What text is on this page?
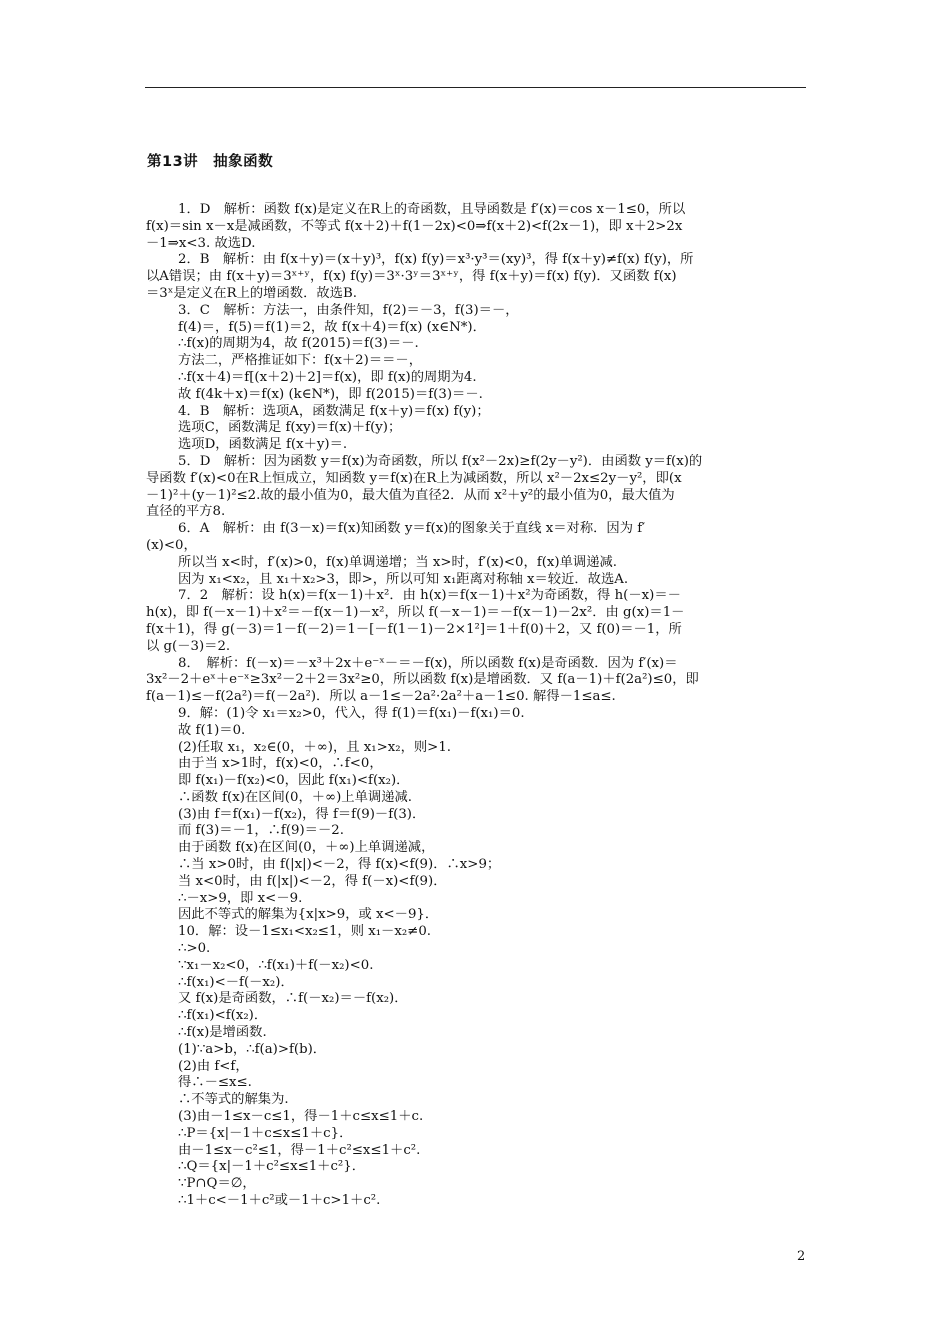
第13讲　抽象函数
1．D　解析：函数 f(x)是定义在R上的奇函数，且导函数是 f′(x)＝cos x－1≤0，所以
f(x)＝sin x－x是减函数，不等式 f(x＋2)＋f(1－2x)<0⇒f(x＋2)<f(2x－1)，即 x＋2>2x
－1⇒x<3. 故选D.
2．B　解析：由 f(x＋y)＝(x＋y)³，f(x) f(y)＝x³·y³＝(xy)³，得 f(x＋y)≠f(x) f(y)，所
以A错误；由 f(x＋y)＝3ˣ⁺ʸ，f(x) f(y)＝3ˣ·3ʸ＝3ˣ⁺ʸ，得 f(x＋y)＝f(x) f(y)．又函数 f(x)
＝3ˣ是定义在R上的增函数．故选B.
3．C　解析：方法一，由条件知，f(2)＝－3，f(3)＝－，
f(4)＝，f(5)＝f(1)＝2，故 f(x＋4)＝f(x) (x∈N*)．
∴f(x)的周期为4，故 f(2015)＝f(3)＝－.
方法二，严格推证如下：f(x＋2)＝＝－，
∴f(x＋4)＝f[(x＋2)＋2]＝f(x)，即 f(x)的周期为4.
故 f(4k＋x)＝f(x) (k∈N*)，即 f(2015)＝f(3)＝－.
4．B　解析：选项A，函数满足 f(x＋y)＝f(x) f(y)；
选项C，函数满足 f(xy)＝f(x)＋f(y)；
选项D，函数满足 f(x＋y)＝.
5．D　解析：因为函数 y＝f(x)为奇函数，所以 f(x²－2x)≥f(2y－y²)．由函数 y＝f(x)的
导函数 f′(x)<0在R上恒成立，知函数 y＝f(x)在R上为减函数，所以 x²－2x≤2y－y²，即(x
－1)²＋(y－1)²≤2.故的最小值为0，最大值为直径2．从而 x²＋y²的最小值为0，最大值为
直径的平方8.
6．A　解析：由 f(3－x)＝f(x)知函数 y＝f(x)的图象关于直线 x＝对称．因为 f′
(x)<0，
所以当 x<时，f′(x)>0，f(x)单调递增；当 x>时，f′(x)<0，f(x)单调递减.
因为 x₁<x₂，且 x₁＋x₂>3，即>，所以可知 x₁距离对称轴 x＝较近．故选A.
7．2　解析：设 h(x)＝f(x－1)＋x²．由 h(x)＝f(x－1)＋x²为奇函数，得 h(－x)＝－
h(x)，即 f(－x－1)＋x²＝－f(x－1)－x²，所以 f(－x－1)＝－f(x－1)－2x²．由 g(x)＝1－
f(x＋1)，得 g(－3)＝1－f(－2)＝1－[－f(1－1)－2×1²]＝1＋f(0)＋2，又 f(0)＝－1，所
以 g(－3)＝2.
8．　解析：f(－x)＝－x³＋2x＋e⁻ˣ－＝－f(x)，所以函数 f(x)是奇函数．因为 f′(x)＝
3x²－2＋eˣ＋e⁻ˣ≥3x²－2＋2＝3x²≥0，所以函数 f(x)是增函数．又 f(a－1)＋f(2a²)≤0，即
f(a－1)≤－f(2a²)＝f(－2a²)．所以 a－1≤－2a²·2a²＋a－1≤0. 解得－1≤a≤.
9．解：(1)令 x₁＝x₂>0，代入，得 f(1)＝f(x₁)－f(x₁)＝0.
故 f(1)＝0.
(2)任取 x₁，x₂∈(0，＋∞)，且 x₁>x₂，则>1.
由于当 x>1时，f(x)<0，∴f<0，
即 f(x₁)－f(x₂)<0，因此 f(x₁)<f(x₂)．
∴函数 f(x)在区间(0，＋∞)上单调递减.
(3)由 f＝f(x₁)－f(x₂)，得 f＝f(9)－f(3)．
而 f(3)＝－1，∴f(9)＝－2.
由于函数 f(x)在区间(0，＋∞)上单调递减，
∴当 x>0时，由 f(|x|)<－2，得 f(x)<f(9)．∴x>9；
当 x<0时，由 f(|x|)<－2，得 f(－x)<f(9)．
∴－x>9，即 x<－9.
因此不等式的解集为{x|x>9，或 x<－9}．
10．解：设－1≤x₁<x₂≤1，则 x₁－x₂≠0.
∴>0.
∵x₁－x₂<0，∴f(x₁)＋f(－x₂)<0.
∴f(x₁)<－f(－x₂)．
又 f(x)是奇函数，∴f(－x₂)＝－f(x₂)．
∴f(x₁)<f(x₂)．
∴f(x)是增函数.
(1)∵a>b，∴f(a)>f(b)．
(2)由 f<f，
得∴－≤x≤.
∴不等式的解集为.
(3)由－1≤x－c≤1，得－1＋c≤x≤1＋c.
∴P＝{x|－1＋c≤x≤1＋c}．
由－1≤x－c²≤1，得－1＋c²≤x≤1＋c².
∴Q＝{x|－1＋c²≤x≤1＋c²}．
∵P∩Q＝∅，
∴1＋c<－1＋c²或－1＋c>1＋c².
2
